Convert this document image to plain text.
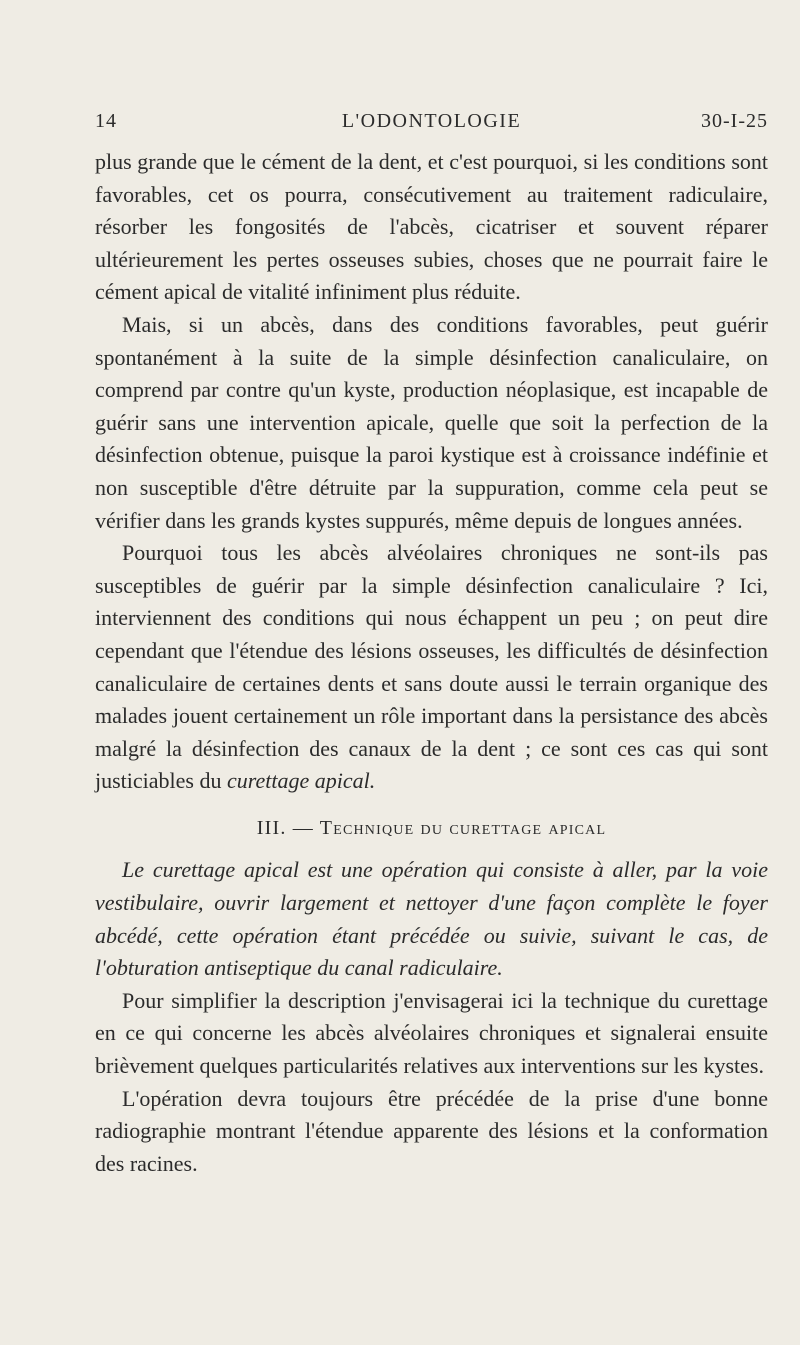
14	L'ODONTOLOGIE	30-I-25

plus grande que le cément de la dent, et c'est pourquoi, si les conditions sont favorables, cet os pourra, consécutivement au traitement radiculaire, résorber les fongosités de l'abcès, cicatriser et souvent réparer ultérieurement les pertes osseuses subies, choses que ne pourrait faire le cément apical de vitalité infiniment plus réduite.

Mais, si un abcès, dans des conditions favorables, peut guérir spontanément à la suite de la simple désinfection canaliculaire, on comprend par contre qu'un kyste, production néoplasique, est incapable de guérir sans une intervention apicale, quelle que soit la perfection de la désinfection obtenue, puisque la paroi kystique est à croissance indéfinie et non susceptible d'être détruite par la suppuration, comme cela peut se vérifier dans les grands kystes suppurés, même depuis de longues années.

Pourquoi tous les abcès alvéolaires chroniques ne sont-ils pas susceptibles de guérir par la simple désinfection canaliculaire ? Ici, interviennent des conditions qui nous échappent un peu ; on peut dire cependant que l'étendue des lésions osseuses, les difficultés de désinfection canaliculaire de certaines dents et sans doute aussi le terrain organique des malades jouent certainement un rôle important dans la persistance des abcès malgré la désinfection des canaux de la dent ; ce sont ces cas qui sont justiciables du curettage apical.

III. — Technique du curettage apical

Le curettage apical est une opération qui consiste à aller, par la voie vestibulaire, ouvrir largement et nettoyer d'une façon complète le foyer abcédé, cette opération étant précédée ou suivie, suivant le cas, de l'obturation antiseptique du canal radiculaire.

Pour simplifier la description j'envisagerai ici la technique du curettage en ce qui concerne les abcès alvéolaires chroniques et signalerai ensuite brièvement quelques particularités relatives aux interventions sur les kystes.

L'opération devra toujours être précédée de la prise d'une bonne radiographie montrant l'étendue apparente des lésions et la conformation des racines.
